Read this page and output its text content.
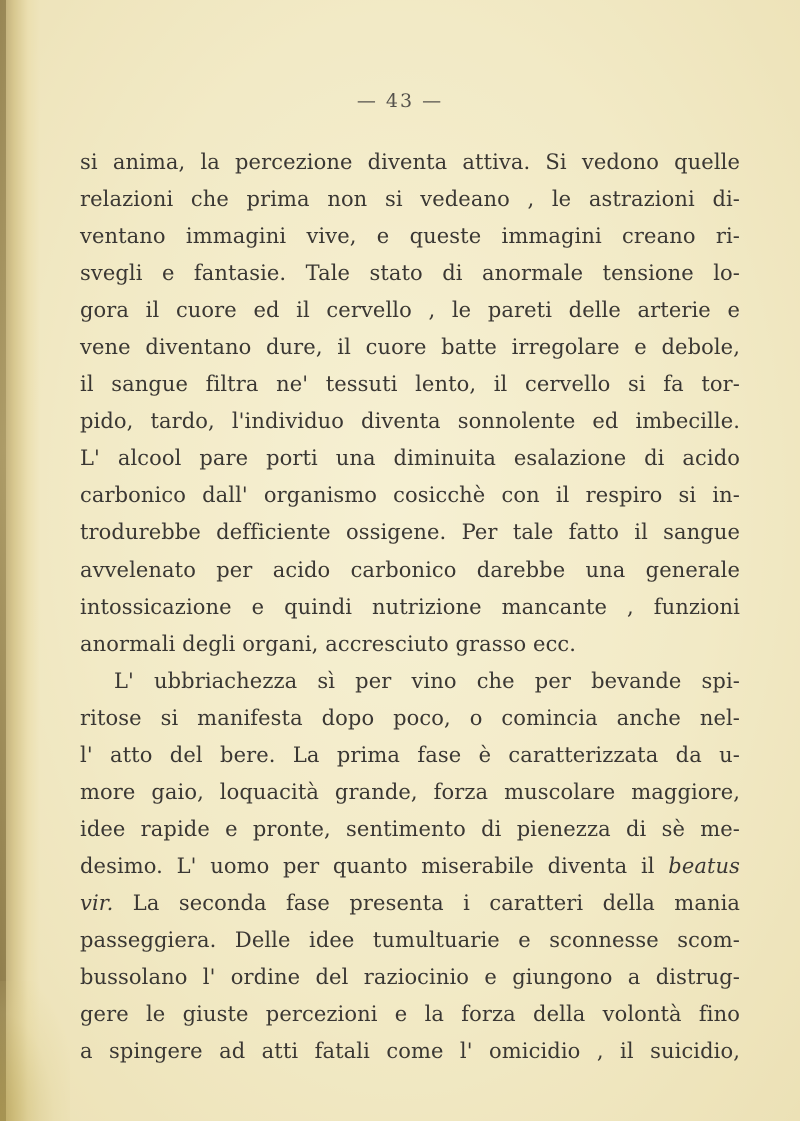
— 43 —
si anima, la percezione diventa attiva. Si vedono quelle
relazioni che prima non si vedeano , le astrazioni di-
ventano immagini vive, e queste immagini creano ri-
svegli e fantasie. Tale stato di anormale tensione lo-
gora il cuore ed il cervello , le pareti delle arterie e
vene diventano dure, il cuore batte irregolare e debole,
il sangue filtra ne' tessuti lento, il cervello si fa tor-
pido, tardo, l'individuo diventa sonnolente ed imbecille.
L' alcool pare porti una diminuita esalazione di acido
carbonico dall' organismo cosicchè con il respiro si in-
trodurebbe defficiente ossigene. Per tale fatto il sangue
avvelenato per acido carbonico darebbe una generale
intossicazione e quindi nutrizione mancante , funzioni
anormali degli organi, accresciuto grasso ecc.
L' ubbriachezza sì per vino che per bevande spi-
ritose si manifesta dopo poco, o comincia anche nel-
l' atto del bere. La prima fase è caratterizzata da u-
more gaio, loquacità grande, forza muscolare maggiore,
idee rapide e pronte, sentimento di pienezza di sè me-
desimo. L' uomo per quanto miserabile diventa il beatus
vir. La seconda fase presenta i caratteri della mania
passeggiera. Delle idee tumultuarie e sconnesse scom-
bussolano l' ordine del raziocinio e giungono a distrug-
gere le giuste percezioni e la forza della volontà fino
a spingere ad atti fatali come l' omicidio , il suicidio,
